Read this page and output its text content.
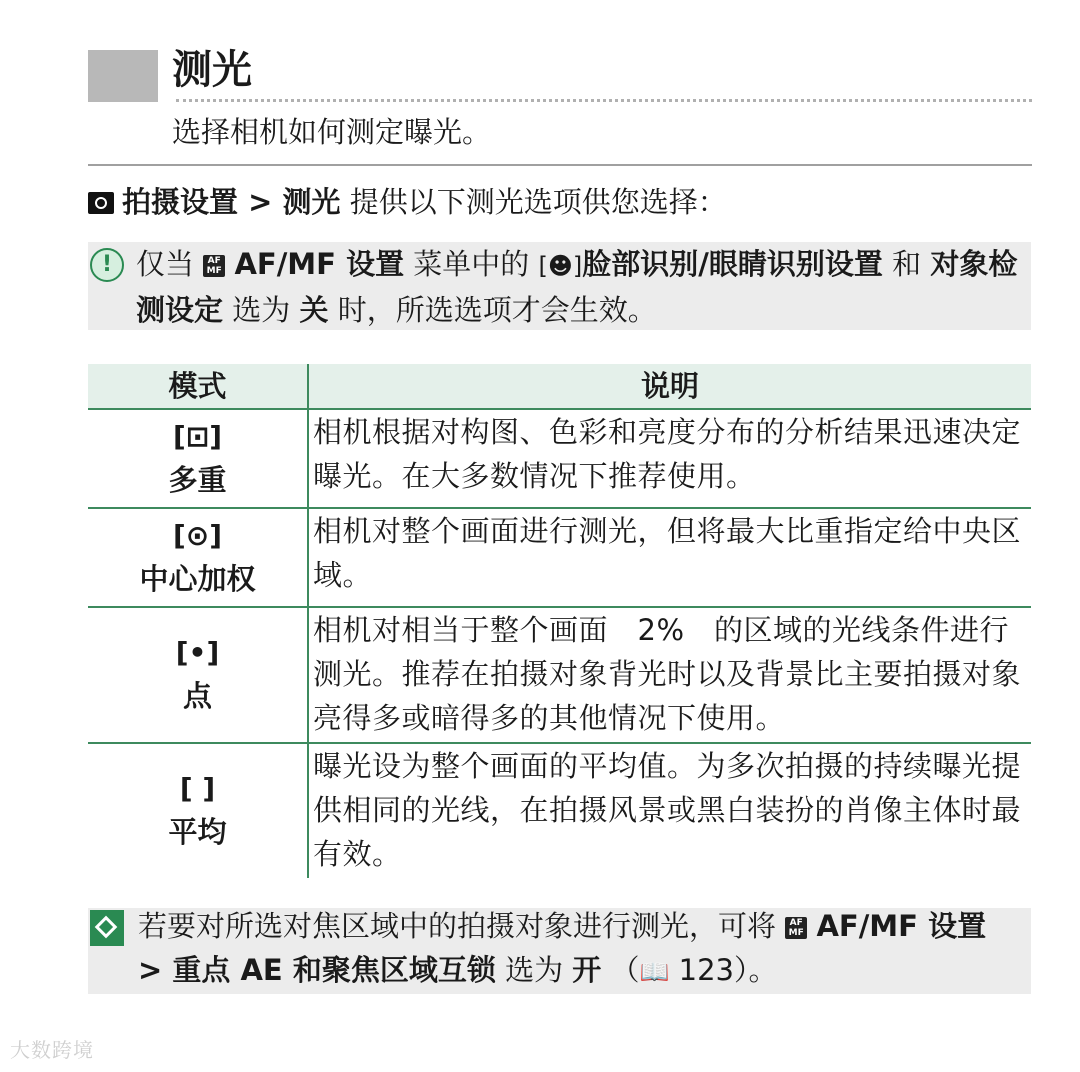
测光
选择相机如何测定曝光。
拍摄设置 > 测光 提供以下测光选项供您选择：
! 仅当 AF
MF AF/MF 设置 菜单中的 [☻]脸部识别/眼睛识别设置 和 对象检测设定 选为 关 时，所选选项才会生效。
模式	说明
[⊡]
多重
相机根据对构图、色彩和亮度分布的分析结果迅速决定曝光。在大多数情况下推荐使用。
[⊙]
中心加权
相机对整个画面进行测光，但将最大比重指定给中央区域。
[•]
点
相机对相当于整个画面　2%　的区域的光线条件进行测光。推荐在拍摄对象背光时以及背景比主要拍摄对象亮得多或暗得多的其他情况下使用。
[ ]
平均
曝光设为整个画面的平均值。为多次拍摄的持续曝光提供相同的光线，在拍摄风景或黑白装扮的肖像主体时最有效。
若要对所选对焦区域中的拍摄对象进行测光，可将 AF
MF AF/MF 设置 > 重点 AE 和聚焦区域互锁 选为 开 （📖 123）。
大数跨境
